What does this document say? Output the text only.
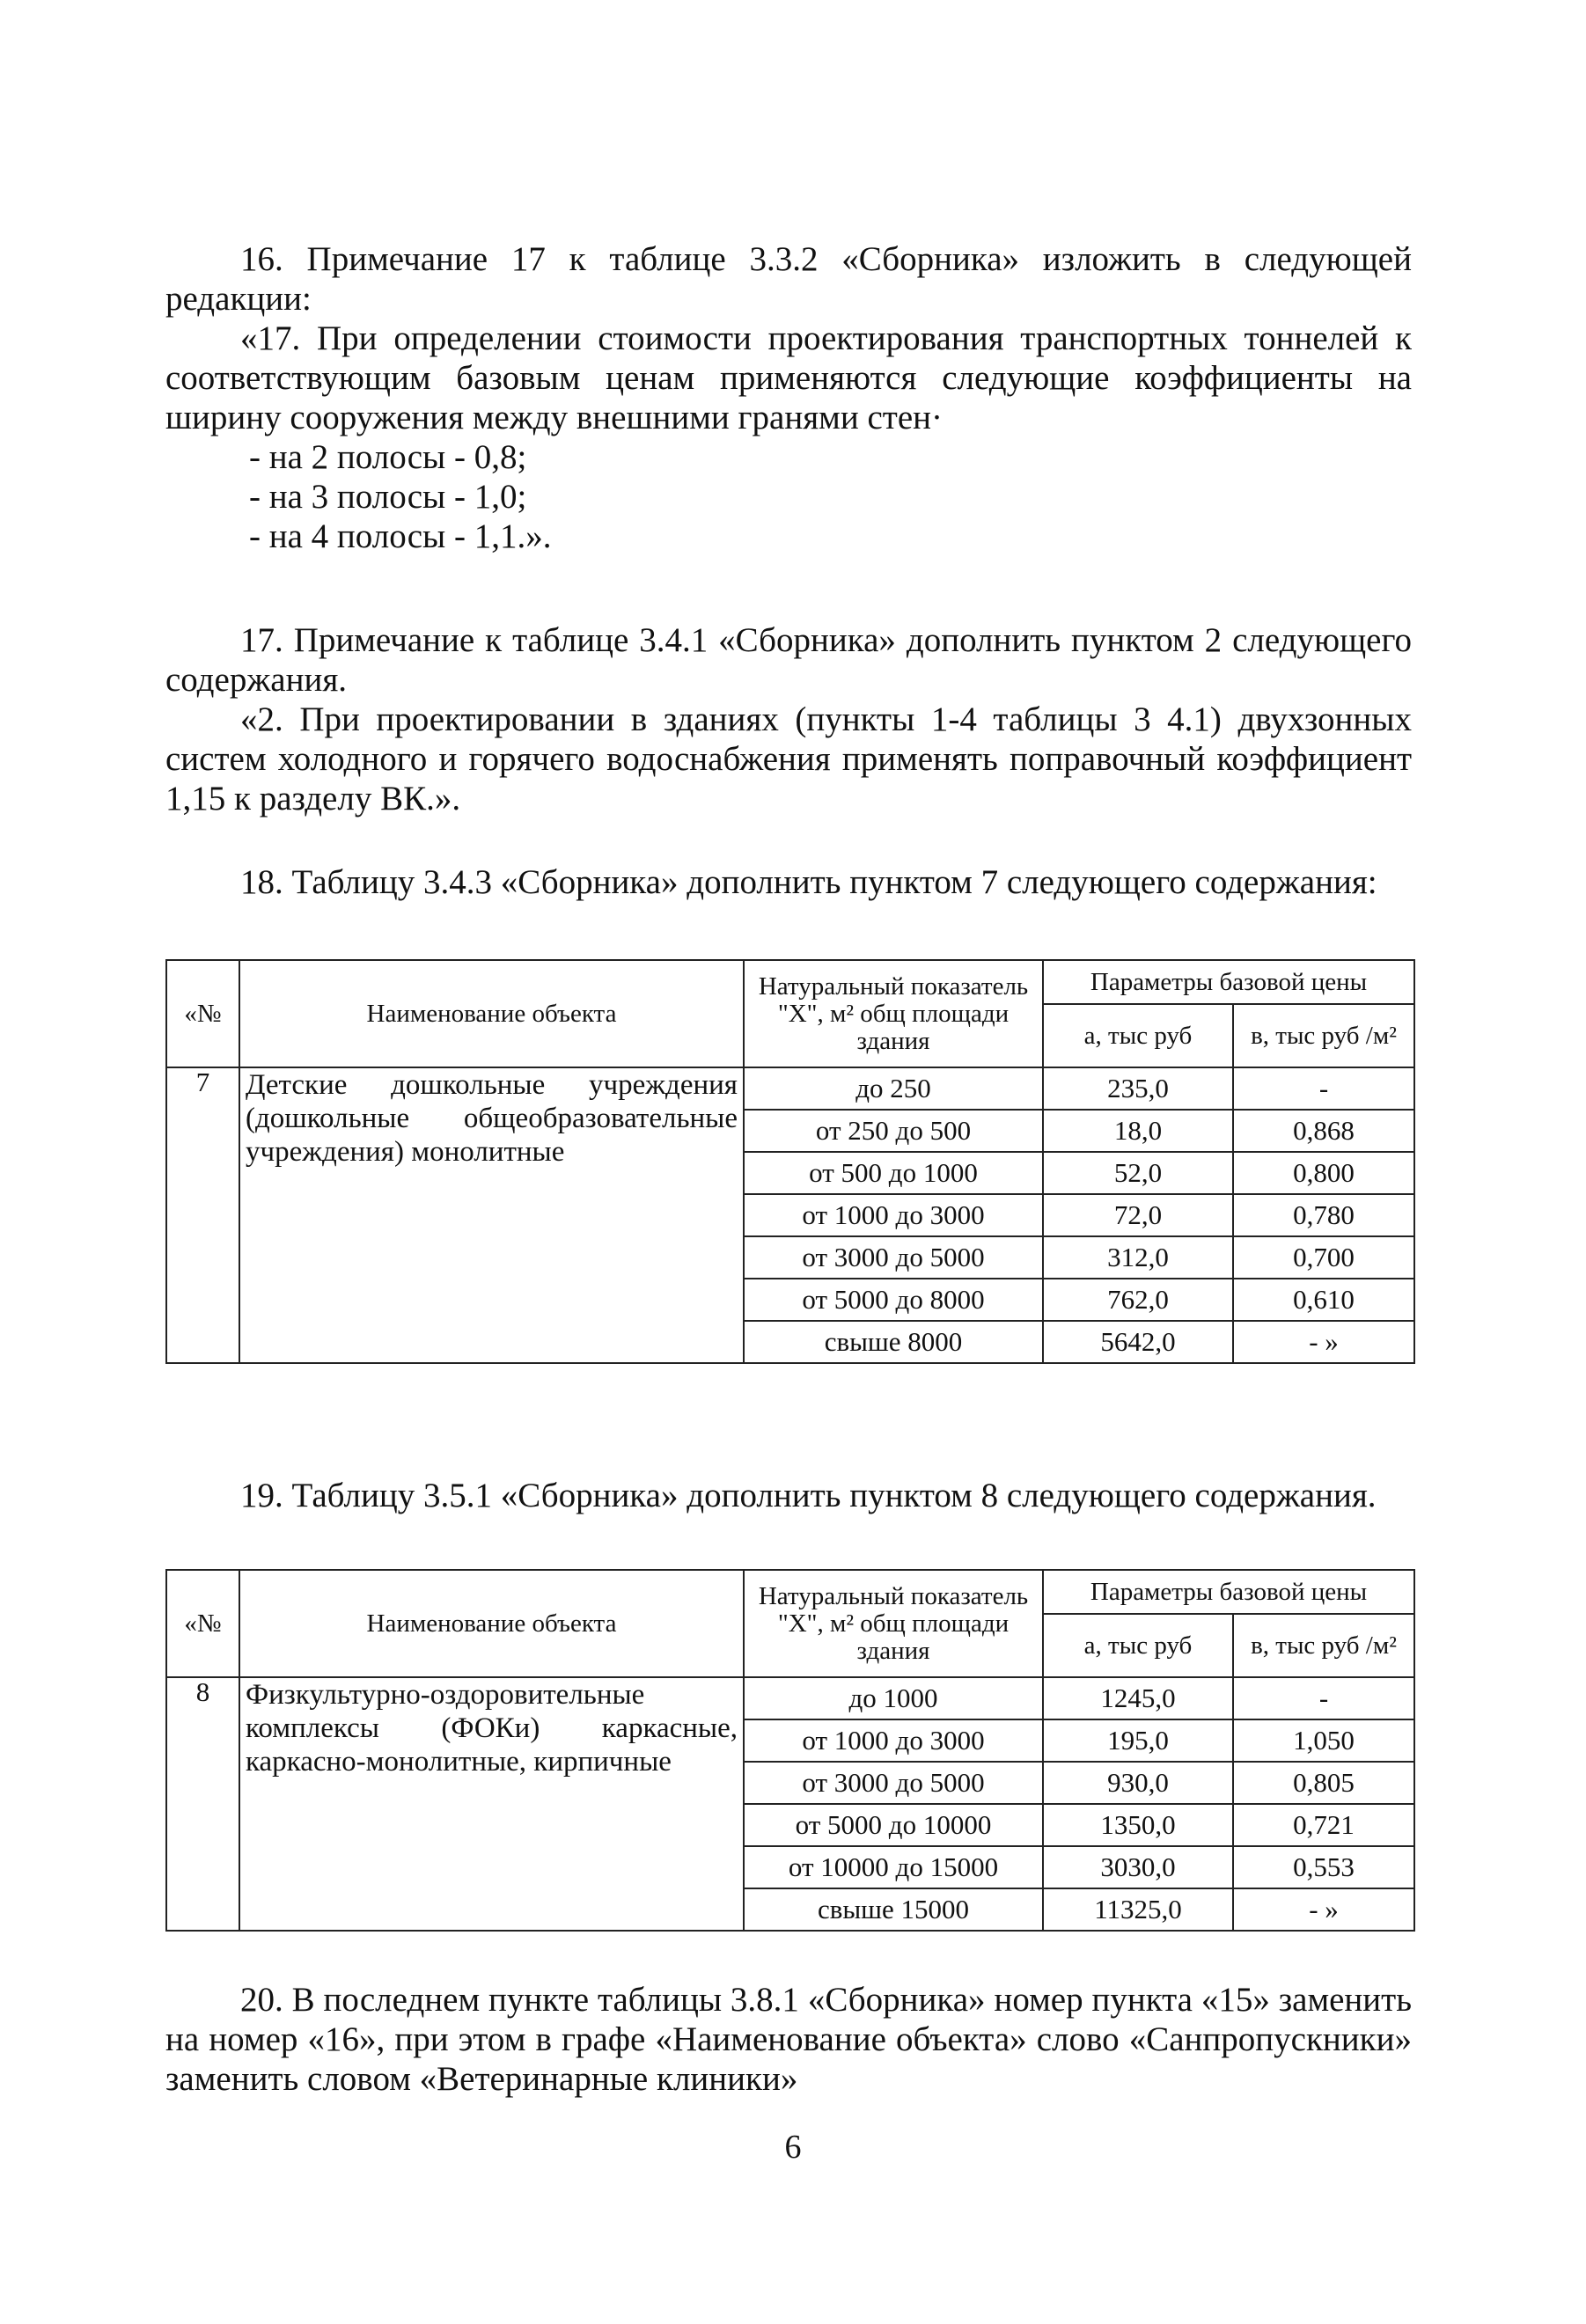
16. Примечание 17 к таблице 3.3.2 «Сборника» изложить в следующей редакции:

«17. При определении стоимости проектирования транспортных тоннелей к соответствующим базовым ценам применяются следующие коэффициенты на ширину сооружения между внешними гранями стен·

- на 2 полосы - 0,8;

- на 3 полосы - 1,0;

- на 4 полосы - 1,1.».

17. Примечание к таблице 3.4.1 «Сборника» дополнить пунктом 2 следующего содержания.

«2. При проектировании в зданиях (пункты 1-4 таблицы 3 4.1) двухзонных систем холодного и горячего водоснабжения применять поправочный коэффициент 1,15 к разделу ВК.».

18. Таблицу 3.4.3 «Сборника» дополнить пунктом 7 следующего содержания:

«№	Наименование объекта	Натуральный показатель "Х", м² общ площади здания	Параметры базовой цены	
			а, тыс руб	в, тыс руб /м²
7	Детские дошкольные учреждения (дошкольные общеобразовательные учреждения) монолитные	до 250	235,0	-
		от 250 до 500	18,0	0,868
		от 500 до 1000	52,0	0,800
		от 1000 до 3000	72,0	0,780
		от 3000 до 5000	312,0	0,700
		от 5000 до 8000	762,0	0,610
		свыше 8000	5642,0	- »

19. Таблицу 3.5.1 «Сборника» дополнить пунктом 8 следующего содержания.

«№	Наименование объекта	Натуральный показатель "Х", м² общ площади здания	Параметры базовой цены	
			а, тыс руб	в, тыс руб /м²
8	Физкультурно-оздоровительные комплексы (ФОКи) каркасные, каркасно-монолитные, кирпичные	до 1000	1245,0	-
		от 1000 до 3000	195,0	1,050
		от 3000 до 5000	930,0	0,805
		от 5000 до 10000	1350,0	0,721
		от 10000 до 15000	3030,0	0,553
		свыше 15000	11325,0	- »

20. В последнем пункте таблицы 3.8.1 «Сборника» номер пункта «15» заменить на номер «16», при этом в графе «Наименование объекта» слово «Санпропускники» заменить словом «Ветеринарные клиники»

6
